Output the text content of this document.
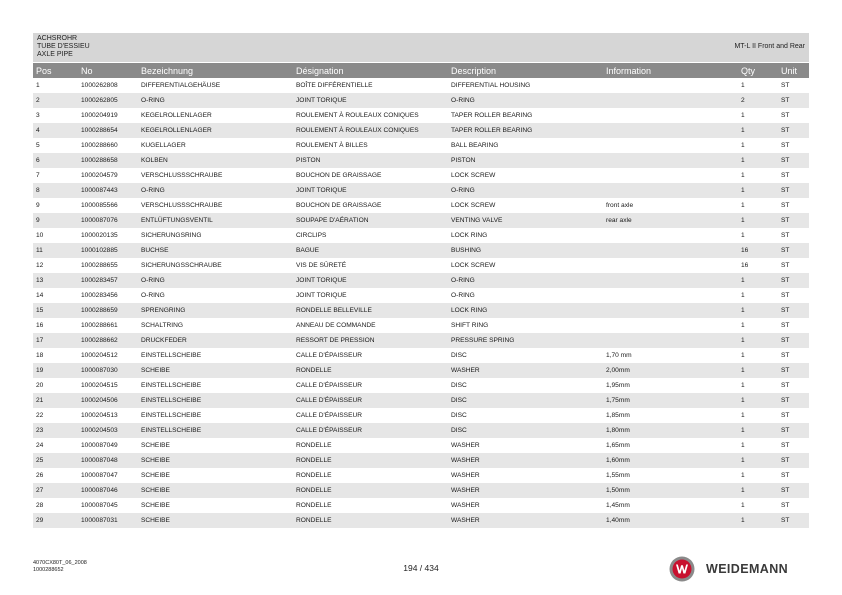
ACHSROHR
TUBE D'ESSIEU
AXLE PIPE
MT-L II Front and Rear
Pos	No	Bezeichnung	Désignation	Description	Information	Qty	Unit
1	1000262808	DIFFERENTIALGEHÄUSE	BOÎTE DIFFÉRENTIELLE	DIFFERENTIAL HOUSING		1	ST
2	1000262805	O-RING	JOINT TORIQUE	O-RING		2	ST
3	1000204919	KEGELROLLENLAGER	ROULEMENT À ROULEAUX CONIQUES	TAPER ROLLER BEARING		1	ST
4	1000288654	KEGELROLLENLAGER	ROULEMENT À ROULEAUX CONIQUES	TAPER ROLLER BEARING		1	ST
5	1000288660	KUGELLAGER	ROULEMENT À BILLES	BALL BEARING		1	ST
6	1000288658	KOLBEN	PISTON	PISTON		1	ST
7	1000204579	VERSCHLUSSSCHRAUBE	BOUCHON DE GRAISSAGE	LOCK SCREW		1	ST
8	1000087443	O-RING	JOINT TORIQUE	O-RING		1	ST
9	1000085566	VERSCHLUSSSCHRAUBE	BOUCHON DE GRAISSAGE	LOCK SCREW	front axle	1	ST
9	1000087076	ENTLÜFTUNGSVENTIL	SOUPAPE D'AÉRATION	VENTING VALVE	rear axle	1	ST
10	1000020135	SICHERUNGSRING	CIRCLIPS	LOCK RING		1	ST
11	1000102885	BUCHSE	BAGUE	BUSHING		16	ST
12	1000288655	SICHERUNGSSCHRAUBE	VIS DE SÛRETÉ	LOCK SCREW		16	ST
13	1000283457	O-RING	JOINT TORIQUE	O-RING		1	ST
14	1000283456	O-RING	JOINT TORIQUE	O-RING		1	ST
15	1000288659	SPRENGRING	RONDELLE BELLEVILLE	LOCK RING		1	ST
16	1000288661	SCHALTRING	ANNEAU DE COMMANDE	SHIFT RING		1	ST
17	1000288662	DRUCKFEDER	RESSORT DE PRESSION	PRESSURE SPRING		1	ST
18	1000204512	EINSTELLSCHEIBE	CALLE D'ÉPAISSEUR	DISC	1,70 mm	1	ST
19	1000087030	SCHEIBE	RONDELLE	WASHER	2,00mm	1	ST
20	1000204515	EINSTELLSCHEIBE	CALLE D'ÉPAISSEUR	DISC	1,95mm	1	ST
21	1000204506	EINSTELLSCHEIBE	CALLE D'ÉPAISSEUR	DISC	1,75mm	1	ST
22	1000204513	EINSTELLSCHEIBE	CALLE D'ÉPAISSEUR	DISC	1,85mm	1	ST
23	1000204503	EINSTELLSCHEIBE	CALLE D'ÉPAISSEUR	DISC	1,80mm	1	ST
24	1000087049	SCHEIBE	RONDELLE	WASHER	1,65mm	1	ST
25	1000087048	SCHEIBE	RONDELLE	WASHER	1,60mm	1	ST
26	1000087047	SCHEIBE	RONDELLE	WASHER	1,55mm	1	ST
27	1000087046	SCHEIBE	RONDELLE	WASHER	1,50mm	1	ST
28	1000087045	SCHEIBE	RONDELLE	WASHER	1,45mm	1	ST
29	1000087031	SCHEIBE	RONDELLE	WASHER	1,40mm	1	ST
4070CX80T_06_2008
1000288652	194 / 434	WEIDEMANN
